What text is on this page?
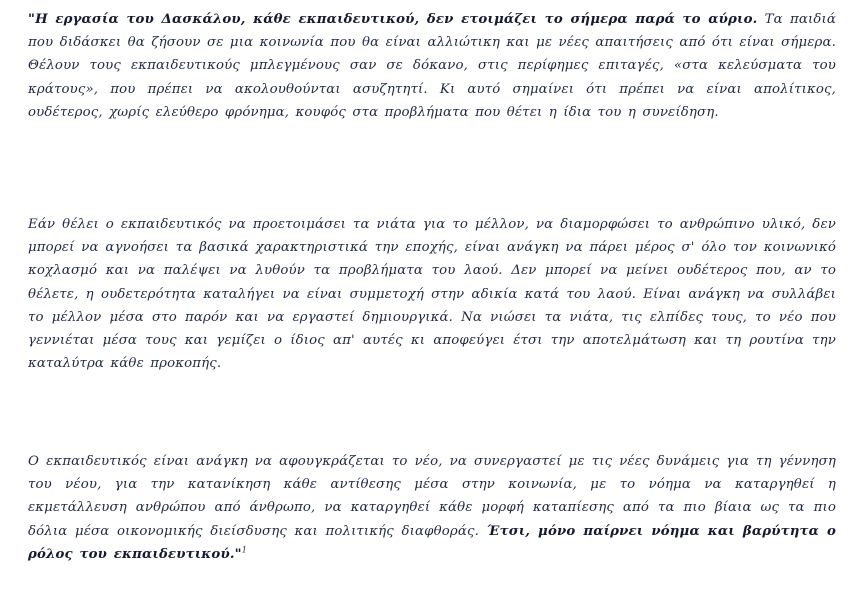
"Η εργασία του Δασκάλου, κάθε εκπαιδευτικού, δεν ετοιμάζει το σήμερα παρά το αύριο. Τα παιδιά που διδάσκει θα ζήσουν σε μια κοινωνία που θα είναι αλλιώτικη και με νέες απαιτήσεις από ότι είναι σήμερα. Θέλουν τους εκπαιδευτικούς μπλεγμένους σαν σε δόκανο, στις περίφημες επιταγές, «στα κελεύσματα του κράτους», που πρέπει να ακολουθούνται ασυζητητί. Κι αυτό σημαίνει ότι πρέπει να είναι απολίτικος, ουδέτερος, χωρίς ελεύθερο φρόνημα, κουφός στα προβλήματα που θέτει η ίδια του η συνείδηση.

Εάν θέλει ο εκπαιδευτικός να προετοιμάσει τα νιάτα για το μέλλον, να διαμορφώσει το ανθρώπινο υλικό, δεν μπορεί να αγνοήσει τα βασικά χαρακτηριστικά την εποχής, είναι ανάγκη να πάρει μέρος σ' όλο τον κοινωνικό κοχλασμό και να παλέψει να λυθούν τα προβλήματα του λαού. Δεν μπορεί να μείνει ουδέτερος που, αν το θέλετε, η ουδετερότητα καταλήγει να είναι συμμετοχή στην αδικία κατά του λαού. Είναι ανάγκη να συλλάβει το μέλλον μέσα στο παρόν και να εργαστεί δημιουργικά. Να νιώσει τα νιάτα, τις ελπίδες τους, το νέο που γεννιέται μέσα τους και γεμίζει ο ίδιος απ' αυτές κι αποφεύγει έτσι την αποτελμάτωση και τη ρουτίνα την καταλύτρα κάθε προκοπής.

Ο εκπαιδευτικός είναι ανάγκη να αφουγκράζεται το νέο, να συνεργαστεί με τις νέες δυνάμεις για τη γέννηση του νέου, για την κατανίκηση κάθε αντίθεσης μέσα στην κοινωνία, με το νόημα να καταργηθεί η εκμετάλλευση ανθρώπου από άνθρωπο, να καταργηθεί κάθε μορφή καταπίεσης από τα πιο βίαια ως τα πιο δόλια μέσα οικονομικής διείσδυσης και πολιτικής διαφθοράς. Έτσι, μόνο παίρνει νόημα και βαρύτητα ο ρόλος του εκπαιδευτικού."$^1$
